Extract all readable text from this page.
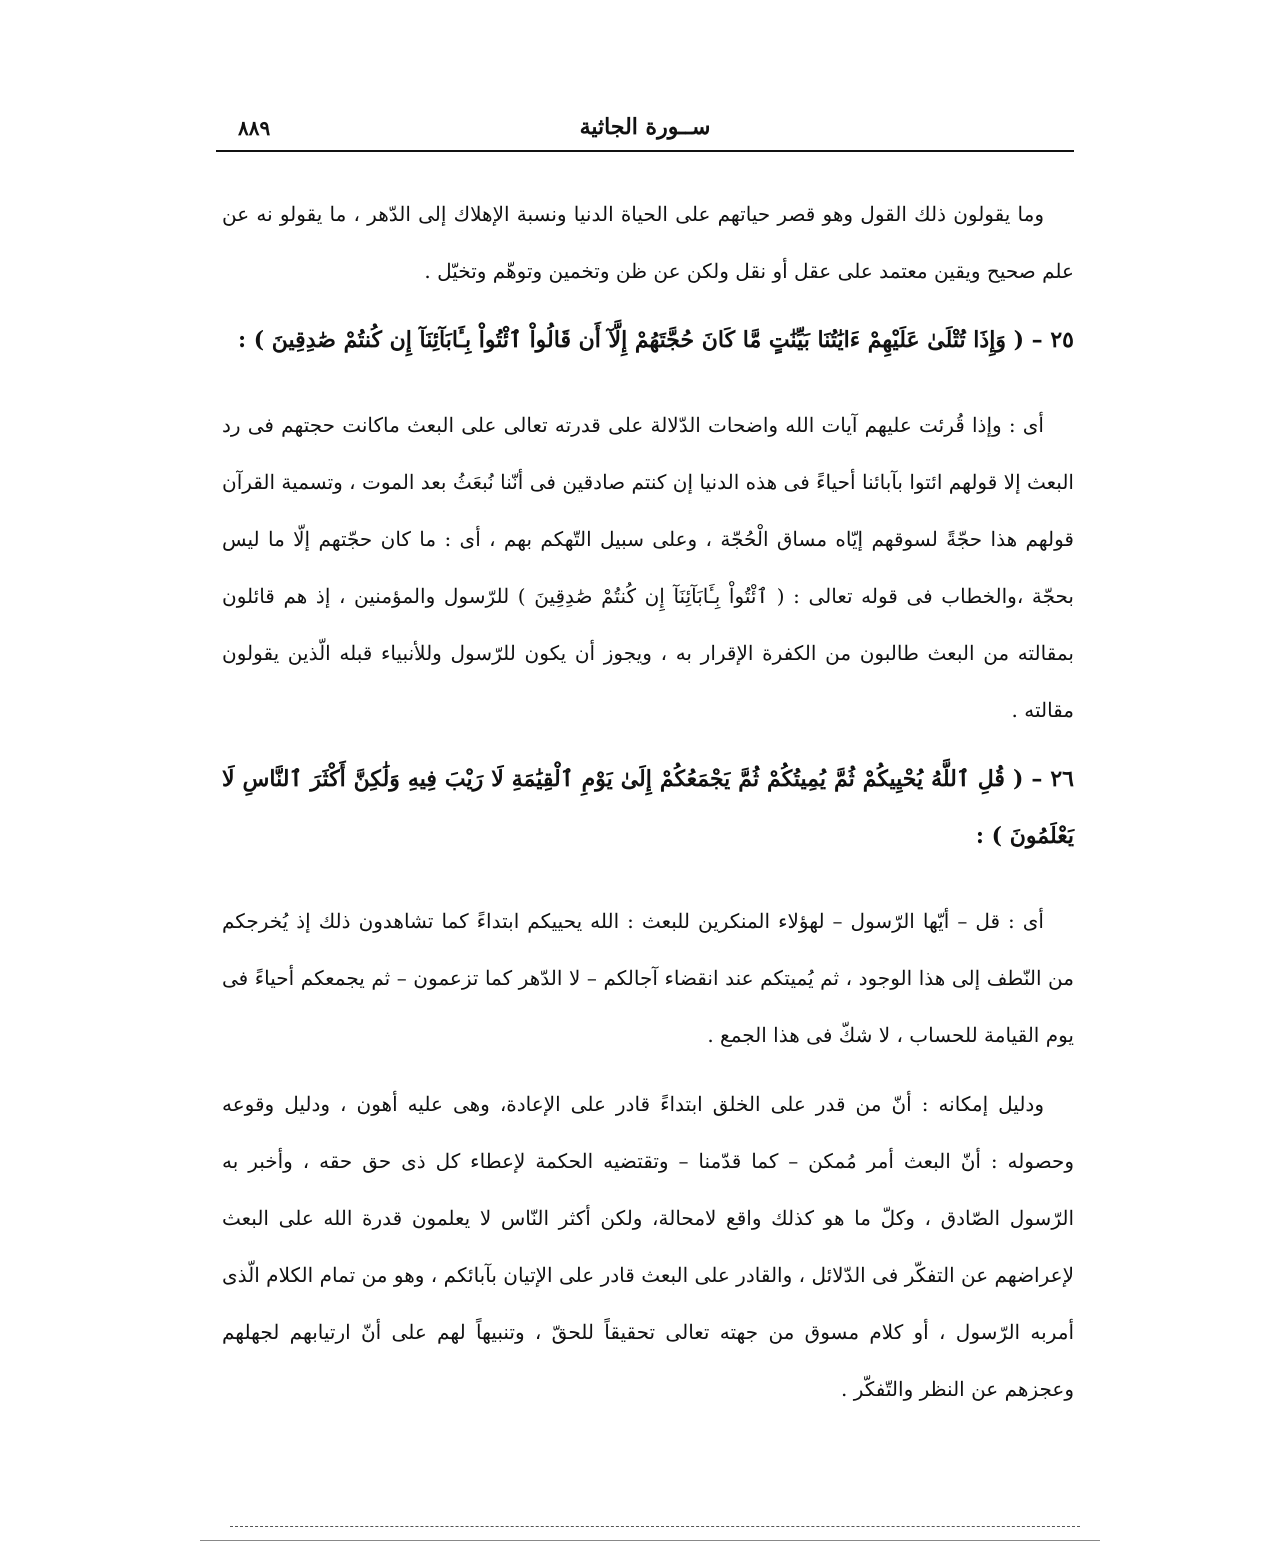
ســورة الجاثية
٨٨٩

وما يقولون ذلك القول وهو قصر حياتهم على الحياة الدنيا ونسبة الإهلاك إلى الدّهر ، ما يقولو نه عن علم صحيح ويقين معتمد على عقل أو نقل ولكن عن ظن وتخمين وتوهّم وتخيّل .

٢٥ – ( وَإِذَا تُتْلَىٰ عَلَيْهِمْ ءَايَٰتُنَا بَيِّنَٰتٍ مَّا كَانَ حُجَّتَهُمْ إِلَّآ أَن قَالُواْ ٱئْتُواْ بِـَٔابَآئِنَآ إِن كُنتُمْ صَٰدِقِينَ ) :

أى : وإذا قُرئت عليهم آيات الله واضحات الدّلالة على قدرته تعالى على البعث ماكانت حجتهم فى رد البعث إلا قولهم ائتوا بآبائنا أحياءً فى هذه الدنيا إن كنتم صادقين فى أنّنا نُبعَثُ بعد الموت ، وتسمية القرآن قولهم هذا حجّةً لسوقهم إيّاه مساق الْحُجّة ، وعلى سبيل التّهكم بهم ، أى : ما كان حجّتهم إلّا ما ليس بحجّة ،والخطاب فى قوله تعالى : ( ٱئْتُواْ بِـَٔابَآئِنَآ إِن كُنتُمْ صَٰدِقِينَ ) للرّسول والمؤمنين ، إذ هم قائلون بمقالته من البعث طالبون من الكفرة الإقرار به ، ويجوز أن يكون للرّسول وللأنبياء قبله الّذين يقولون مقالته .

٢٦ – ( قُلِ ٱللَّهُ يُحْيِيكُمْ ثُمَّ يُمِيتُكُمْ ثُمَّ يَجْمَعُكُمْ إِلَىٰ يَوْمِ ٱلْقِيَٰمَةِ لَا رَيْبَ فِيهِ وَلَٰكِنَّ أَكْثَرَ ٱلنَّاسِ لَا يَعْلَمُونَ ) :

أى : قل – أيّها الرّسول – لهؤلاء المنكرين للبعث : الله يحييكم ابتداءً كما تشاهدون ذلك إذ يُخرجكم من النّطف إلى هذا الوجود ، ثم يُميتكم عند انقضاء آجالكم – لا الدّهر كما تزعمون – ثم يجمعكم أحياءً فى يوم القيامة للحساب ، لا شكّ فى هذا الجمع .

ودليل إمكانه : أنّ من قدر على الخلق ابتداءً قادر على الإعادة، وهى عليه أهون ، ودليل وقوعه وحصوله : أنّ البعث أمر مُمكن – كما قدّمنا – وتقتضيه الحكمة لإعطاء كل ذى حق حقه ، وأخبر به الرّسول الصّادق ، وكلّ ما هو كذلك واقع لامحالة، ولكن أكثر النّاس لا يعلمون قدرة الله على البعث لإعراضهم عن التفكّر فى الدّلائل ، والقادر على البعث قادر على الإتيان بآبائكم ، وهو من تمام الكلام الّذى أمربه الرّسول ، أو كلام مسوق من جهته تعالى تحقيقاً للحقّ ، وتنبيهاً لهم على أنّ ارتيابهم لجهلهم وعجزهم عن النظر والتّفكّر .
